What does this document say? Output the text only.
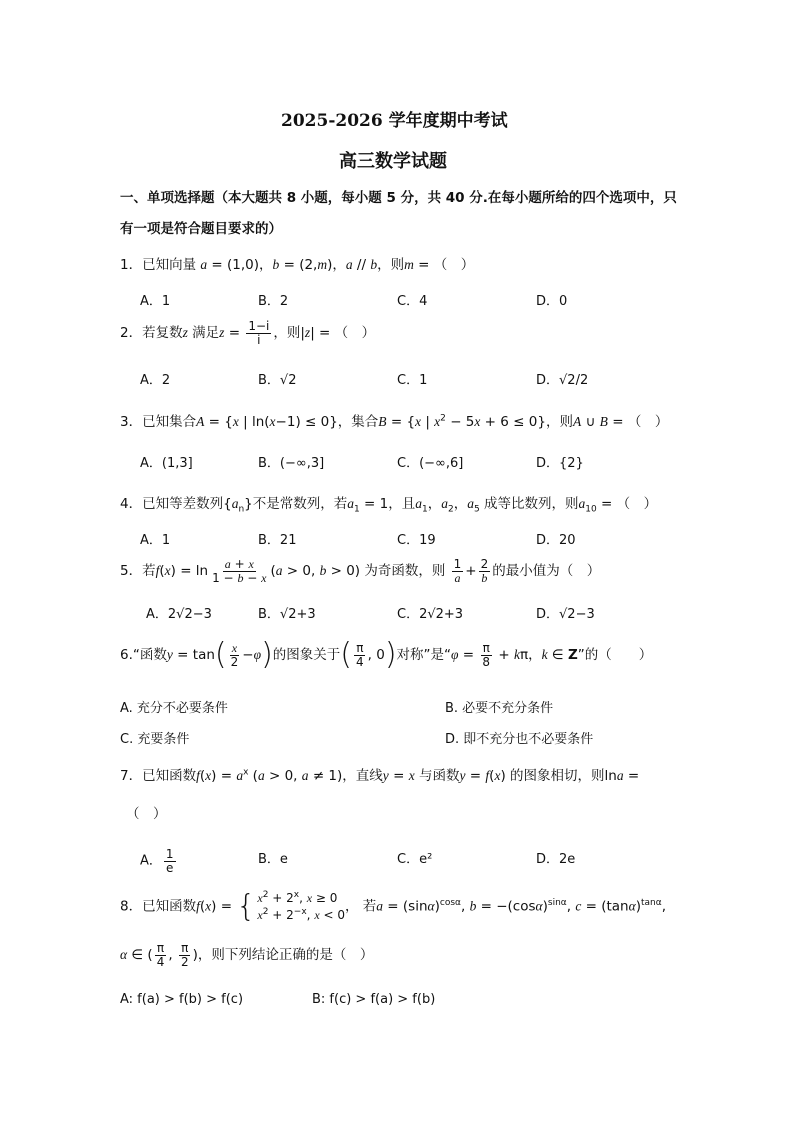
2025-2026 学年度期中考试
高三数学试题
一、单项选择题（本大题共 8 小题，每小题 5 分，共 40 分.在每小题所给的四个选项中，只
有一项是符合题目要求的）
1．已知向量 a = (1,0)，b = (2,m)，a // b，则m = （　）
A．1	B．2	C．4	D．0
2．若复数z 满足$z = \frac{1-i}{i}$ ，则|z| = （　）
A．2	B．√2	C．1	D．√2/2
3．已知集合A = {x | ln(x−1) ≤ 0}，集合B = {x | $x^2 - 5x + 6 \le 0$}，则A ∪ B = （　）
A．(1,3]	B．(−∞,3]	C．(−∞,6]	D．{2}
4．已知等差数列$\{a_n\}$不是常数列，若$a_1 = 1$，且$a_1$，$a_2$，$a_5$ 成等比数列，则$a_{10}$ = （　）
A．1	B．21	C．19	D．20
5．若$f(x) = \ln \frac{a + x}{1 - b - x} (a > 0$, b > 0) 为奇函数，则 $\frac{1}{a} + \frac{2}{b}$ 的最小值为（　）
A．2√2−3	B．√2+3	C．2√2+3	D．√2−3
6.“函数$y = \tan( \frac{x}{2} -\varphi)$的图象关于( $\frac{\pi}{4}$ , 0)对称”是“$\varphi = \frac{\pi}{8} + k\pi$，k ∈ Z”的（　　）
A. 充分不必要条件	B. 必要不充分条件
C. 充要条件	D. 即不充分也不必要条件
7．已知函数$f(x) = a^x$ (a > 0, a ≠ 1)，直线y = x 与函数y = f(x) 的图象相切，则lna =
（　）
A． $\frac{1}{e}$	B．e	C．e²	D．2e
8．已知函数f(x) = { $x^2 + 2^x$, x ≥ 0
$x^2 + 2^{-x}$, x < 0 ， 若$a = (\sin\alpha)^{cos\alpha}$, $b = -(\cos\alpha)^{sin\alpha}$, $c = (\tan\alpha)^{tan\alpha}$,
α ∈ ( $\frac{\pi}{4}$ , $\frac{\pi}{2}$ )，则下列结论正确的是（　）
A: f(a) > f(b) > f(c)	B: f(c) > f(a) > f(b)
